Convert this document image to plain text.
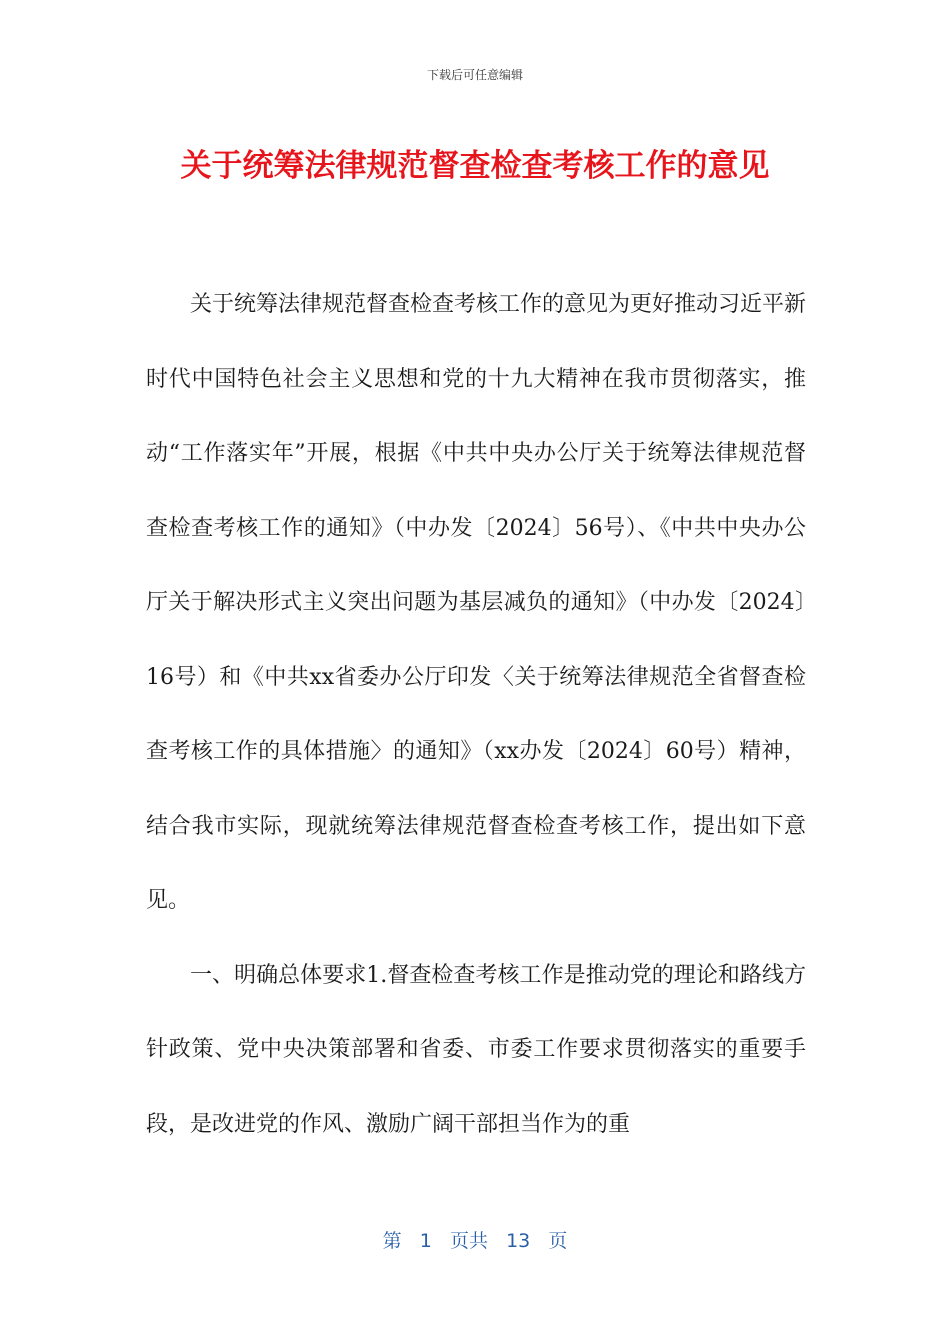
下载后可任意编辑
关于统筹法律规范督查检查考核工作的意见

关于统筹法律规范督查检查考核工作的意见为更好推动习近平新时代中国特色社会主义思想和党的十九大精神在我市贯彻落实，推动“工作落实年”开展，根据《中共中央办公厅关于统筹法律规范督查检查考核工作的通知》（中办发〔2024〕56号）、《中共中央办公厅关于解决形式主义突出问题为基层减负的通知》（中办发〔2024〕16号）和《中共xx省委办公厅印发〈关于统筹法律规范全省督查检查考核工作的具体措施〉的通知》（xx办发〔2024〕60号）精神，结合我市实际，现就统筹法律规范督查检查考核工作，提出如下意见。

一、明确总体要求1.督查检查考核工作是推动党的理论和路线方针政策、党中央决策部署和省委、市委工作要求贯彻落实的重要手段，是改进党的作风、激励广阔干部担当作为的重

第 1 页共 13 页
